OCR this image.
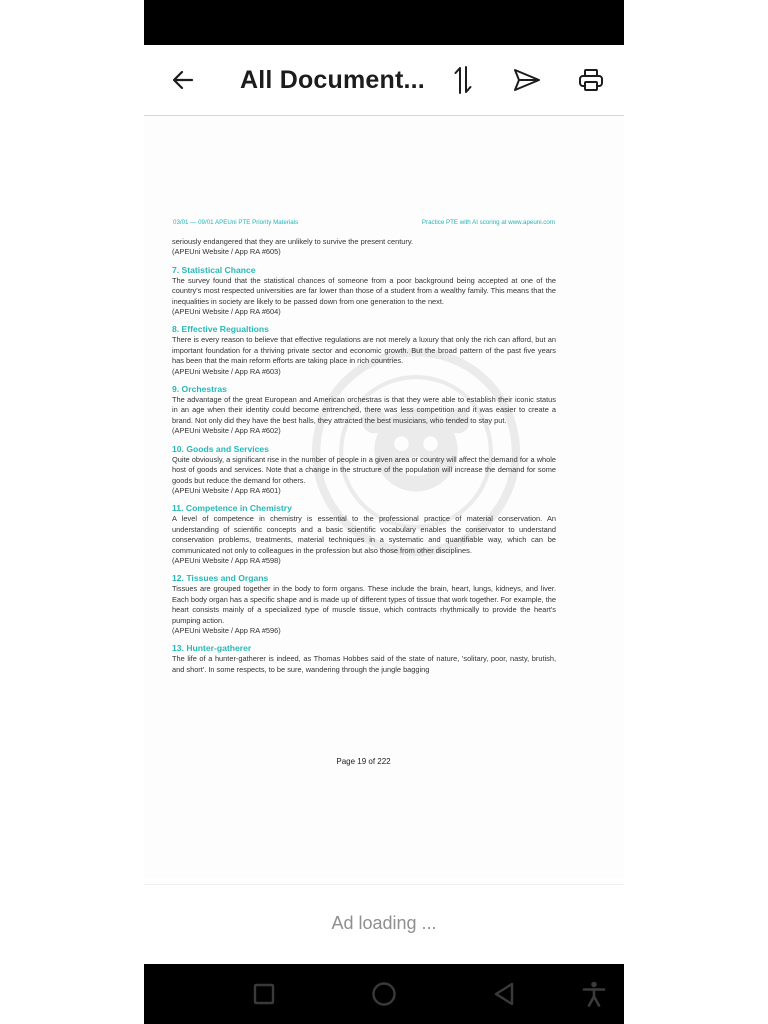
All Document...
03/01 — 09/01 APEUni PTE Priority Materials	Practice PTE with AI scoring at www.apeuni.com
seriously endangered that they are unlikely to survive the present century.
(APEUni Website / App RA #605)
7. Statistical Chance
The survey found that the statistical chances of someone from a poor background being accepted at one of the country's most respected universities are far lower than those of a student from a wealthy family. This means that the inequalities in society are likely to be passed down from one generation to the next.
(APEUni Website / App RA #604)
8. Effective Regualtions
There is every reason to believe that effective regulations are not merely a luxury that only the rich can afford, but an important foundation for a thriving private sector and economic growth. But the broad pattern of the past five years has been that the main reform efforts are taking place in rich countries.
(APEUni Website / App RA #603)
9. Orchestras
The advantage of the great European and American orchestras is that they were able to establish their iconic status in an age when their identity could become entrenched, there was less competition and it was easier to create a brand. Not only did they have the best halls, they attracted the best musicians, who tended to stay put.
(APEUni Website / App RA #602)
10. Goods and Services
Quite obviously, a significant rise in the number of people in a given area or country will affect the demand for a whole host of goods and services. Note that a change in the structure of the population will increase the demand for some goods but reduce the demand for others.
(APEUni Website / App RA #601)
11. Competence in Chemistry
A level of competence in chemistry is essential to the professional practice of material conservation. An understanding of scientific concepts and a basic scientific vocabulary enables the conservator to understand conservation problems, treatments, material techniques in a systematic and quantifiable way, which can be communicated not only to colleagues in the profession but also those from other disciplines.
(APEUni Website / App RA #598)
12. Tissues and Organs
Tissues are grouped together in the body to form organs. These include the brain, heart, lungs, kidneys, and liver. Each body organ has a specific shape and is made up of different types of tissue that work together. For example, the heart consists mainly of a specialized type of muscle tissue, which contracts rhythmically to provide the heart's pumping action.
(APEUni Website / App RA #596)
13. Hunter-gatherer
The life of a hunter-gatherer is indeed, as Thomas Hobbes said of the state of nature, 'solitary, poor, nasty, brutish, and short'. In some respects, to be sure, wandering through the jungle bagging
Page 19 of 222
Ad loading ...
